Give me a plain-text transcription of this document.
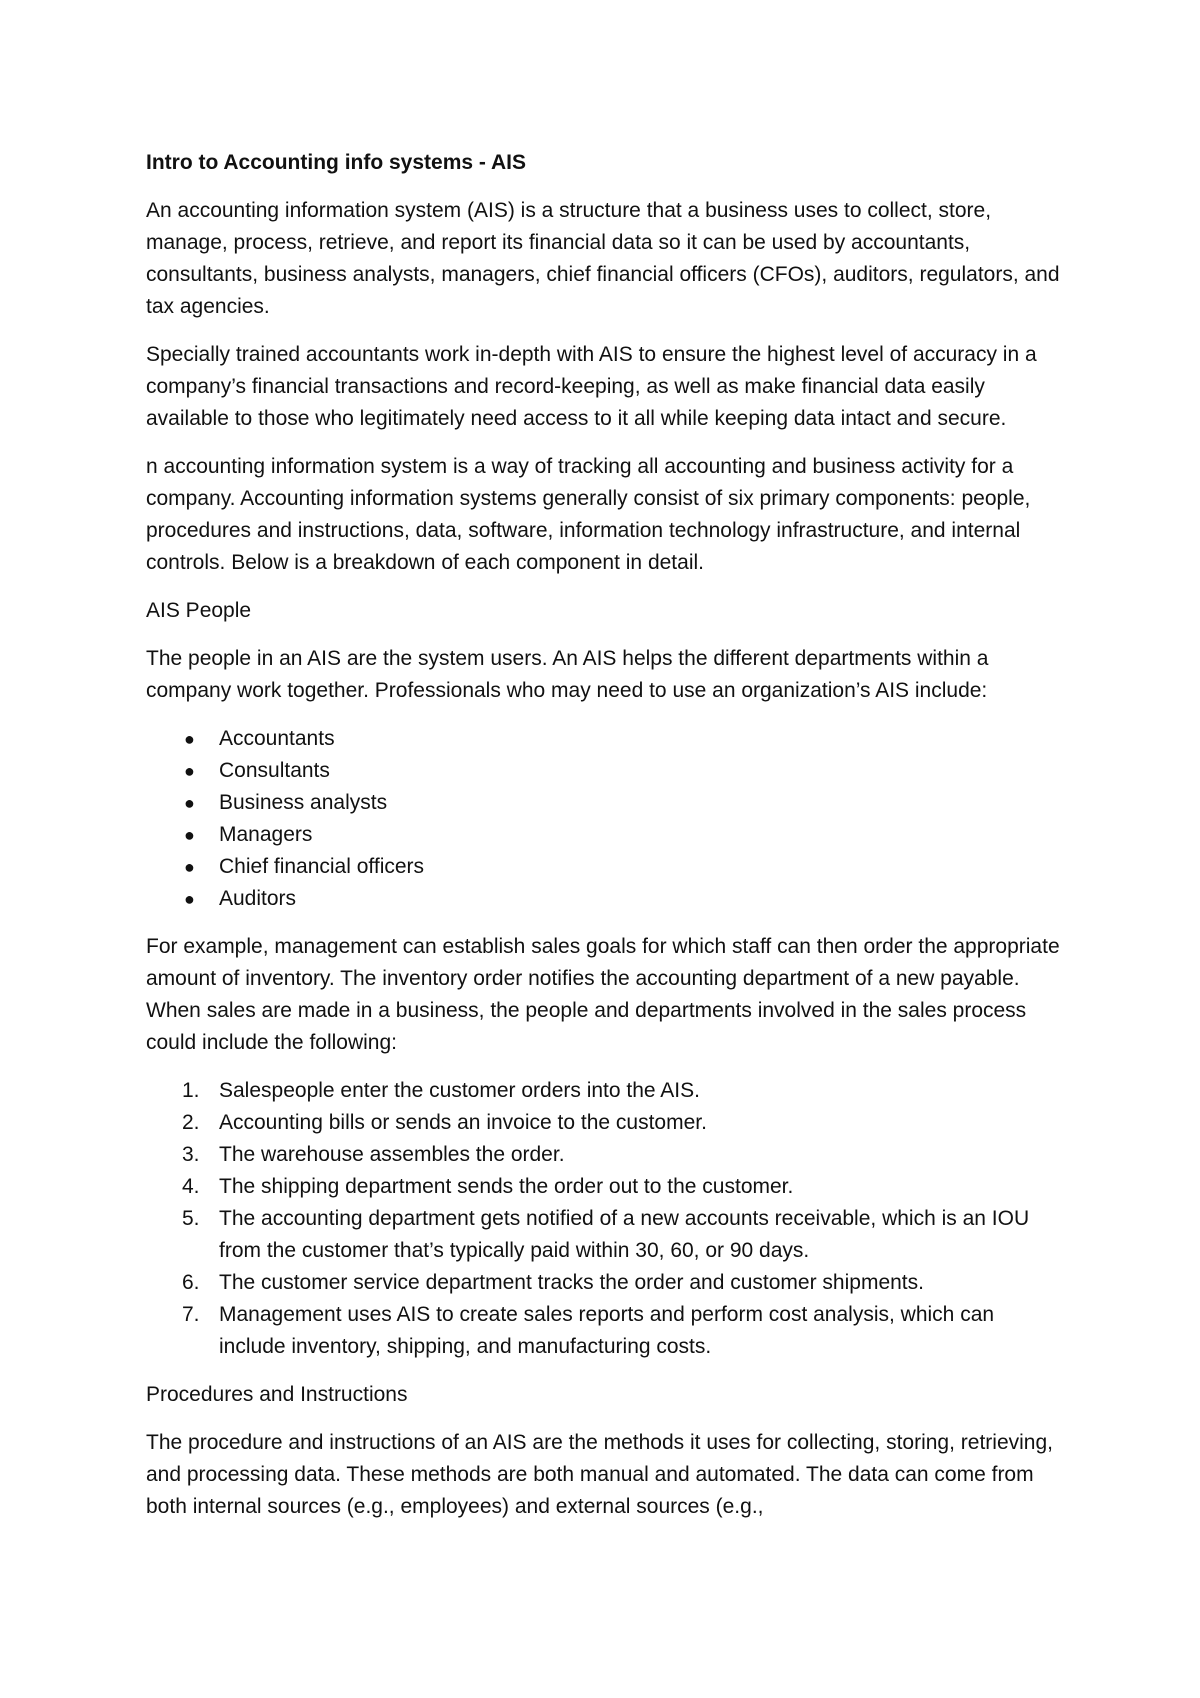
Intro to Accounting info systems - AIS

An accounting information system (AIS) is a structure that a business uses to collect, store, manage, process, retrieve, and report its financial data so it can be used by accountants, consultants, business analysts, managers, chief financial officers (CFOs), auditors, regulators, and tax agencies.

Specially trained accountants work in-depth with AIS to ensure the highest level of accuracy in a company’s financial transactions and record-keeping, as well as make financial data easily available to those who legitimately need access to it all while keeping data intact and secure.

n accounting information system is a way of tracking all accounting and business activity for a company. Accounting information systems generally consist of six primary components: people, procedures and instructions, data, software, information technology infrastructure, and internal controls. Below is a breakdown of each component in detail.

AIS People

The people in an AIS are the system users. An AIS helps the different departments within a company work together. Professionals who may need to use an organization’s AIS include:

● Accountants
● Consultants
● Business analysts
● Managers
● Chief financial officers
● Auditors

For example, management can establish sales goals for which staff can then order the appropriate amount of inventory. The inventory order notifies the accounting department of a new payable. When sales are made in a business, the people and departments involved in the sales process could include the following:

1. Salespeople enter the customer orders into the AIS.
2. Accounting bills or sends an invoice to the customer.
3. The warehouse assembles the order.
4. The shipping department sends the order out to the customer.
5. The accounting department gets notified of a new accounts receivable, which is an IOU from the customer that’s typically paid within 30, 60, or 90 days.
6. The customer service department tracks the order and customer shipments.
7. Management uses AIS to create sales reports and perform cost analysis, which can include inventory, shipping, and manufacturing costs.

Procedures and Instructions

The procedure and instructions of an AIS are the methods it uses for collecting, storing, retrieving, and processing data. These methods are both manual and automated. The data can come from both internal sources (e.g., employees) and external sources (e.g.,
